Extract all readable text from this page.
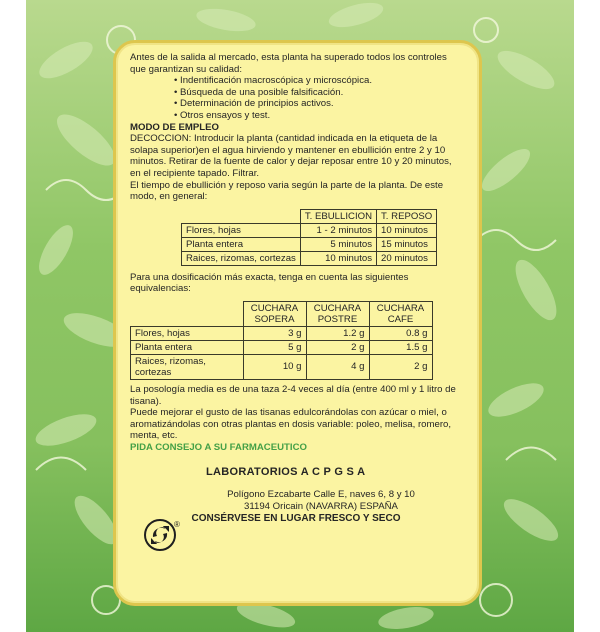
Antes de la salida al mercado, esta planta ha superado todos los controles que garantizan su calidad:

• Indentificación macroscópica y microscópica.
• Búsqueda de una posible falsificación.
• Determinación de principios activos.
• Otros ensayos y test.

MODO DE EMPLEO

DECOCCION: Introducir la planta (cantidad indicada en la etiqueta de la solapa superior)en el agua hirviendo y mantener en ebullición entre 2 y 10 minutos. Retirar de la fuente de calor y dejar reposar entre 10 y 20 minutos, en el recipiente tapado. Filtrar.

El tiempo de ebullición y reposo varia según la parte de la planta. De este modo, en general:

	T. EBULLICION	T. REPOSO
Flores, hojas	1 - 2 minutos	10 minutos
Planta entera	5 minutos	15 minutos
Raices, rizomas, cortezas	10 minutos	20 minutos

Para una dosificación más exacta, tenga en cuenta las siguientes equivalencias:

	CUCHARA SOPERA	CUCHARA POSTRE	CUCHARA CAFE
Flores, hojas	3 g	1.2 g	0.8 g
Planta entera	5 g	2 g	1.5 g
Raices, rizomas, cortezas	10 g	4 g	2 g

La posología media es de una taza 2-4 veces al día (entre 400 ml y 1 litro de tisana).

Puede mejorar el gusto de las tisanas edulcorándolas con azúcar o miel, o aromatizándolas con otras plantas en dosis variable: poleo, melisa, romero, menta, etc.

PIDA CONSEJO A SU FARMACEUTICO

LABORATORIOS A C P G S A

Polígono Ezcabarte Calle E, naves 6, 8 y 10

31194 Oricain (NAVARRA) ESPAÑA

CONSÉRVESE EN LUGAR FRESCO Y SECO

®
